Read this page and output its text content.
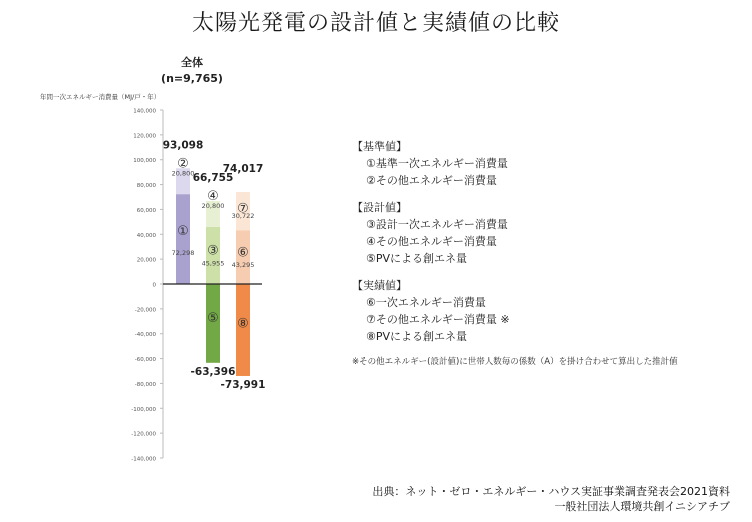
太陽光発電の設計値と実績値の比較
全体
(n=9,765)
年間一次エネルギー消費量（MJ/戸・年）
140,000
120,000
100,000
80,000
60,000
40,000
20,000
0
-20,000
-40,000
-60,000
-80,000
-100,000
-120,000
-140,000
①
72,298
②
20,800
93,098
③
45,955
④
20,800
⑤
66,755
-63,396
⑥
43,295
⑦
30,722
⑧
74,017
-73,991
【基準値】
①基準一次エネルギー消費量
②その他エネルギー消費量
【設計値】
③設計一次エネルギー消費量
④その他エネルギー消費量
⑤PVによる創エネ量
【実績値】
⑥一次エネルギー消費量
⑦その他エネルギー消費量 ※
⑧PVによる創エネ量
※その他エネルギー(設計値)に世帯人数毎の係数（A）を掛け合わせて算出した推計値
出典：ネット・ゼロ・エネルギー・ハウス実証事業調査発表会2021資料
一般社団法人環境共創イニシアチブ
